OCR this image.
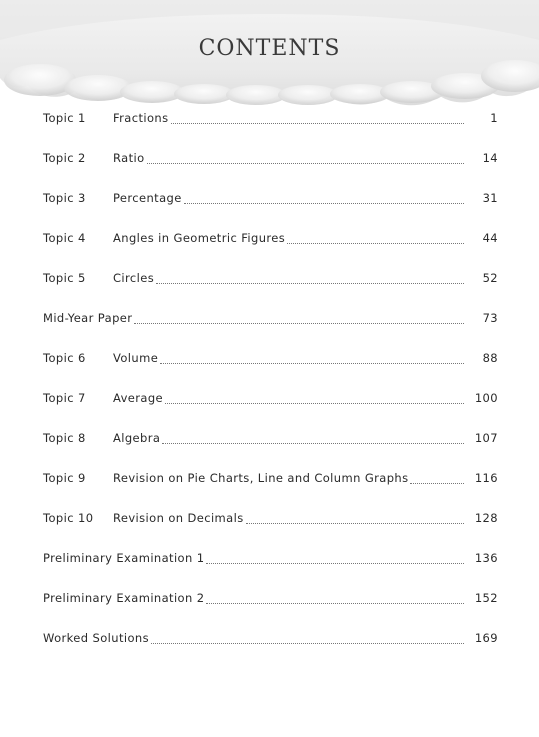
CONTENTS
Topic 1	Fractions	1
Topic 2	Ratio	14
Topic 3	Percentage	31
Topic 4	Angles in Geometric Figures	44
Topic 5	Circles	52
Mid-Year Paper	73
Topic 6	Volume	88
Topic 7	Average	100
Topic 8	Algebra	107
Topic 9	Revision on Pie Charts, Line and Column Graphs	116
Topic 10	Revision on Decimals	128
Preliminary Examination 1	136
Preliminary Examination 2	152
Worked Solutions	169
